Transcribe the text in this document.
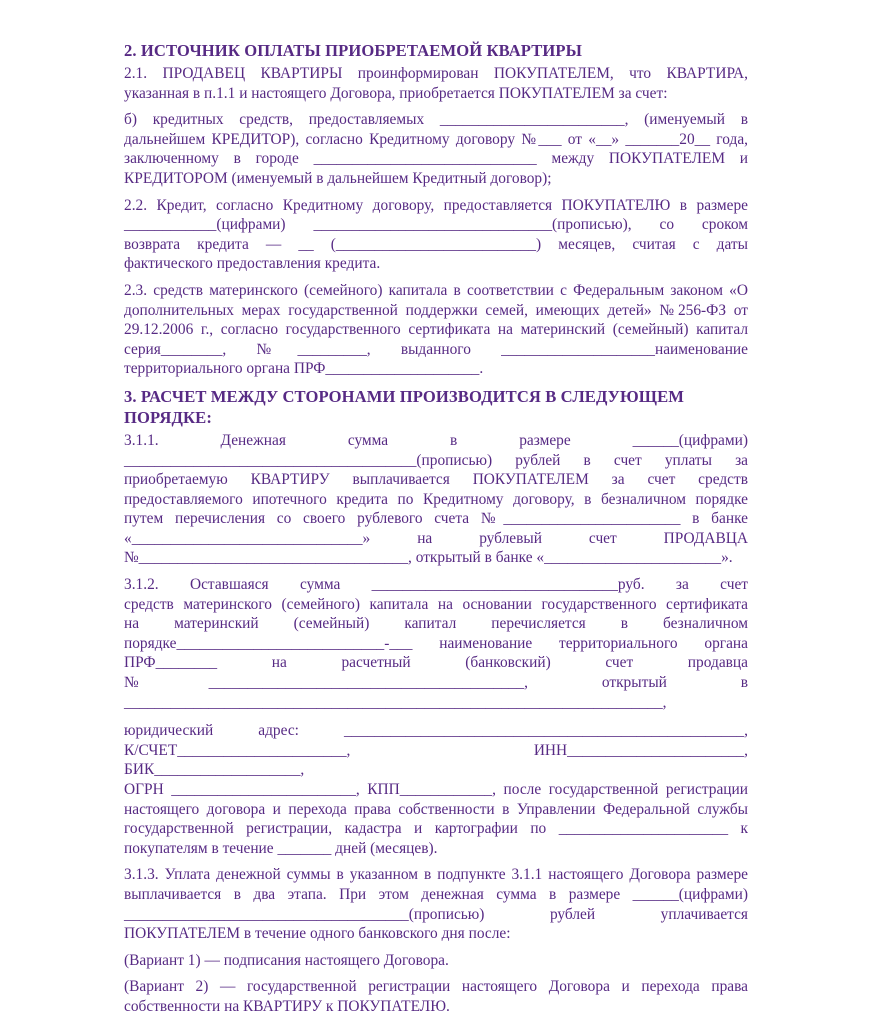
2. ИСТОЧНИК ОПЛАТЫ ПРИОБРЕТАЕМОЙ КВАРТИРЫ
2.1. ПРОДАВЕЦ КВАРТИРЫ проинформирован ПОКУПАТЕЛЕМ, что КВАРТИРА,
указанная в п.1.1 и настоящего Договора, приобретается ПОКУПАТЕЛЕМ за счет:
б) кредитных средств, предоставляемых ________________________, (именуемый в
дальнейшем КРЕДИТОР), согласно Кредитному договору №___ от «__» _______20__ года,
заключенному в городе _____________________________ между ПОКУПАТЕЛЕМ и
КРЕДИТОРОМ (именуемый в дальнейшем Кредитный договор);
2.2. Кредит, согласно Кредитному договору, предоставляется ПОКУПАТЕЛЮ в размере
____________(цифрами) _______________________________(прописью), со сроком
возврата кредита — __ (__________________________) месяцев, считая с даты
фактического предоставления кредита.
2.3. средств материнского (семейного) капитала в соответствии с Федеральным законом «О
дополнительных мерах государственной поддержки семей, имеющих детей» №256-ФЗ от
29.12.2006 г., согласно государственного сертификата на материнский (семейный) капитал
серия________, №_________, выданного ____________________наименование
территориального органа ПРФ____________________.
3. РАСЧЕТ МЕЖДУ СТОРОНАМИ ПРОИЗВОДИТСЯ В СЛЕДУЮЩЕМ ПОРЯДКЕ:
3.1.1. Денежная сумма в размере ______(цифрами)
______________________________________(прописью) рублей в счет уплаты за
приобретаемую КВАРТИРУ выплачивается ПОКУПАТЕЛЕМ за счет средств
предоставляемого ипотечного кредита по Кредитному договору, в безналичном порядке
путем перечисления со своего рублевого счета №_______________________ в банке
«______________________________» на рублевый счет ПРОДАВЦА
№___________________________________, открытый в банке «_______________________».
3.1.2. Оставшаяся сумма ________________________________руб. за счет
средств материнского (семейного) капитала на основании государственного сертификата
на материнский (семейный) капитал перечисляется в безналичном
порядке___________________________-___ наименование территориального органа
ПРФ________ на расчетный (банковский) счет продавца
№_________________________________________, открытый в
______________________________________________________________________,
юридический адрес: ____________________________________________________,
К/СЧЕТ______________________, ИНН_______________________, БИК___________________,
ОГРН ________________________, КПП____________, после государственной регистрации
настоящего договора и перехода права собственности в Управлении Федеральной службы
государственной регистрации, кадастра и картографии по ______________________ к
покупателям в течение _______ дней (месяцев).
3.1.3. Уплата денежной суммы в указанном в подпункте 3.1.1 настоящего Договора размере
выплачивается в два этапа. При этом денежная сумма в размере ______(цифрами)
_____________________________________(прописью) рублей уплачивается
ПОКУПАТЕЛЕМ в течение одного банковского дня после:
(Вариант 1) — подписания настоящего Договора.
(Вариант 2) — государственной регистрации настоящего Договора и перехода права
собственности на КВАРТИРУ к ПОКУПАТЕЛЮ.
